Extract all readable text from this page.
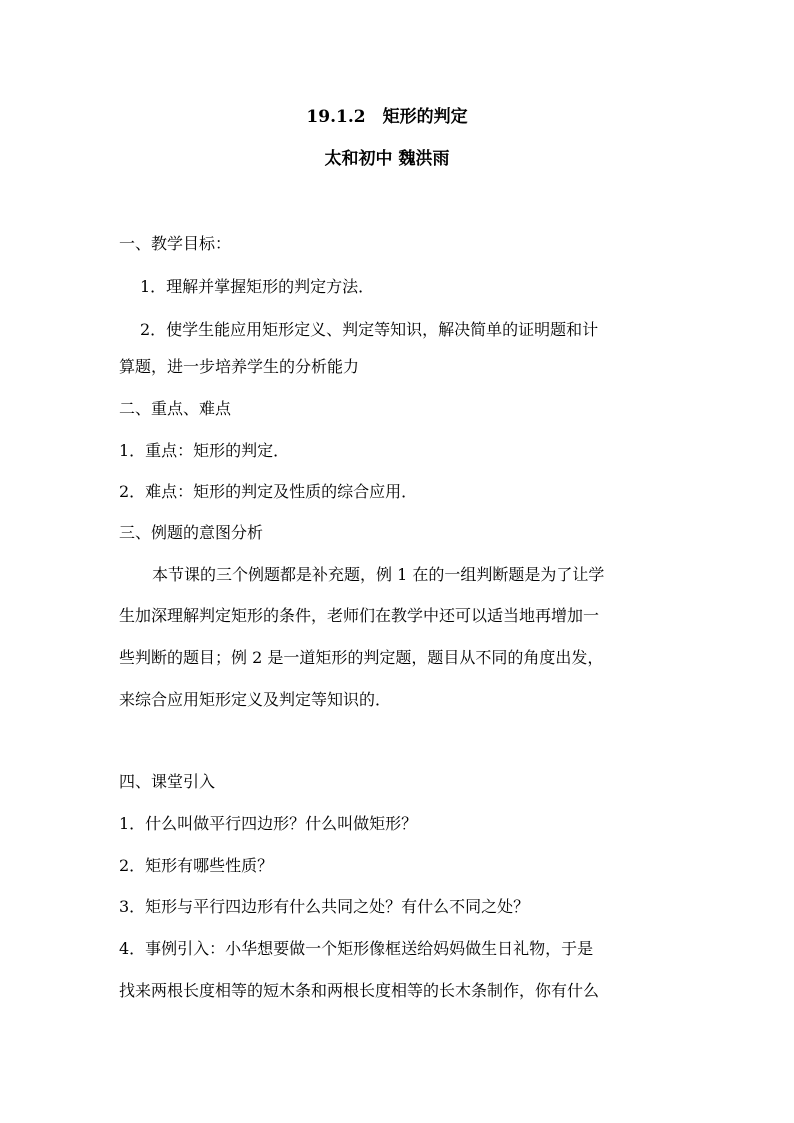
19.1.2　矩形的判定
太和初中 魏洪雨
一、教学目标：
1．理解并掌握矩形的判定方法．
2．使学生能应用矩形定义、判定等知识，解决简单的证明题和计
算题，进一步培养学生的分析能力
二、重点、难点
1．重点：矩形的判定．
2．难点：矩形的判定及性质的综合应用．
三、例题的意图分析
本节课的三个例题都是补充题，例 1 在的一组判断题是为了让学
生加深理解判定矩形的条件，老师们在教学中还可以适当地再增加一
些判断的题目；例 2 是一道矩形的判定题，题目从不同的角度出发，
来综合应用矩形定义及判定等知识的．
四、课堂引入
1．什么叫做平行四边形？什么叫做矩形？
2．矩形有哪些性质？
3．矩形与平行四边形有什么共同之处？有什么不同之处？
4．事例引入：小华想要做一个矩形像框送给妈妈做生日礼物，于是
找来两根长度相等的短木条和两根长度相等的长木条制作，你有什么
